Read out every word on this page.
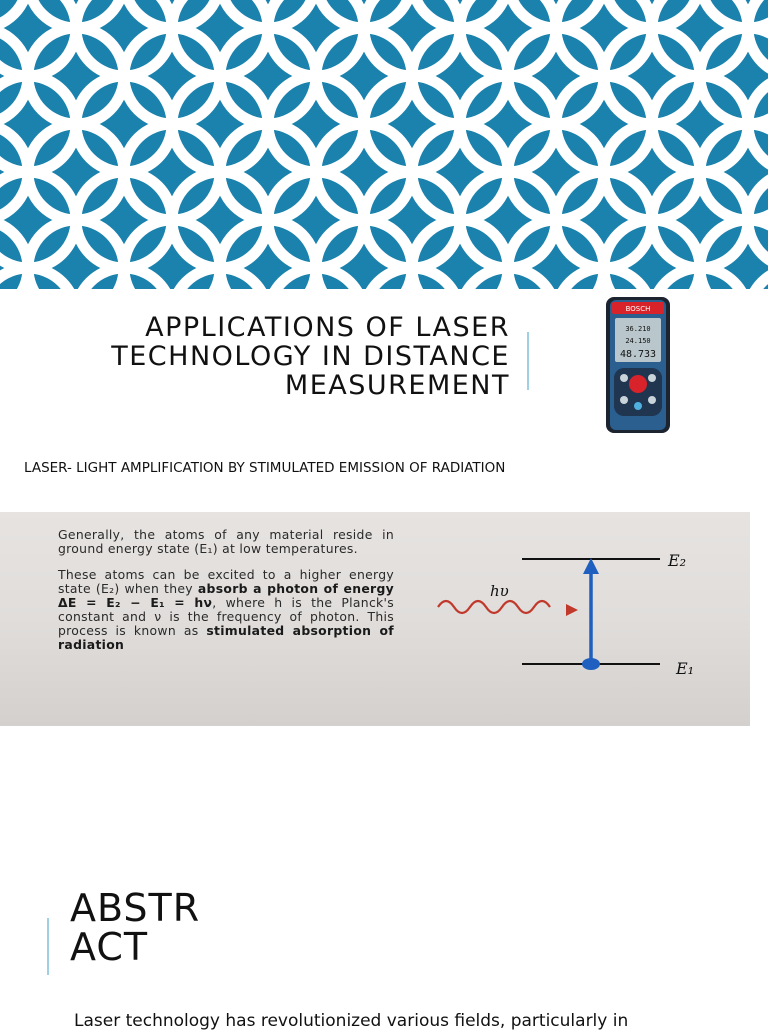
APPLICATIONS OF LASER
TECHNOLOGY IN DISTANCE
MEASUREMENT
BOSCH
36.210
24.150
48.733
LASER- LIGHT AMPLIFICATION BY STIMULATED EMISSION OF RADIATION

Generally, the atoms of any material reside in ground energy state (E₁) at low temperatures.

These atoms can be excited to a higher energy state (E₂) when they absorb a photon of energy ΔE = E₂ − E₁ = hν, where h is the Planck's constant and ν is the frequency of photon. This process is known as stimulated absorption of radiation

hυ
E₂
E₁
ABSTR
ACT
Laser technology has revolutionized various fields, particularly in
